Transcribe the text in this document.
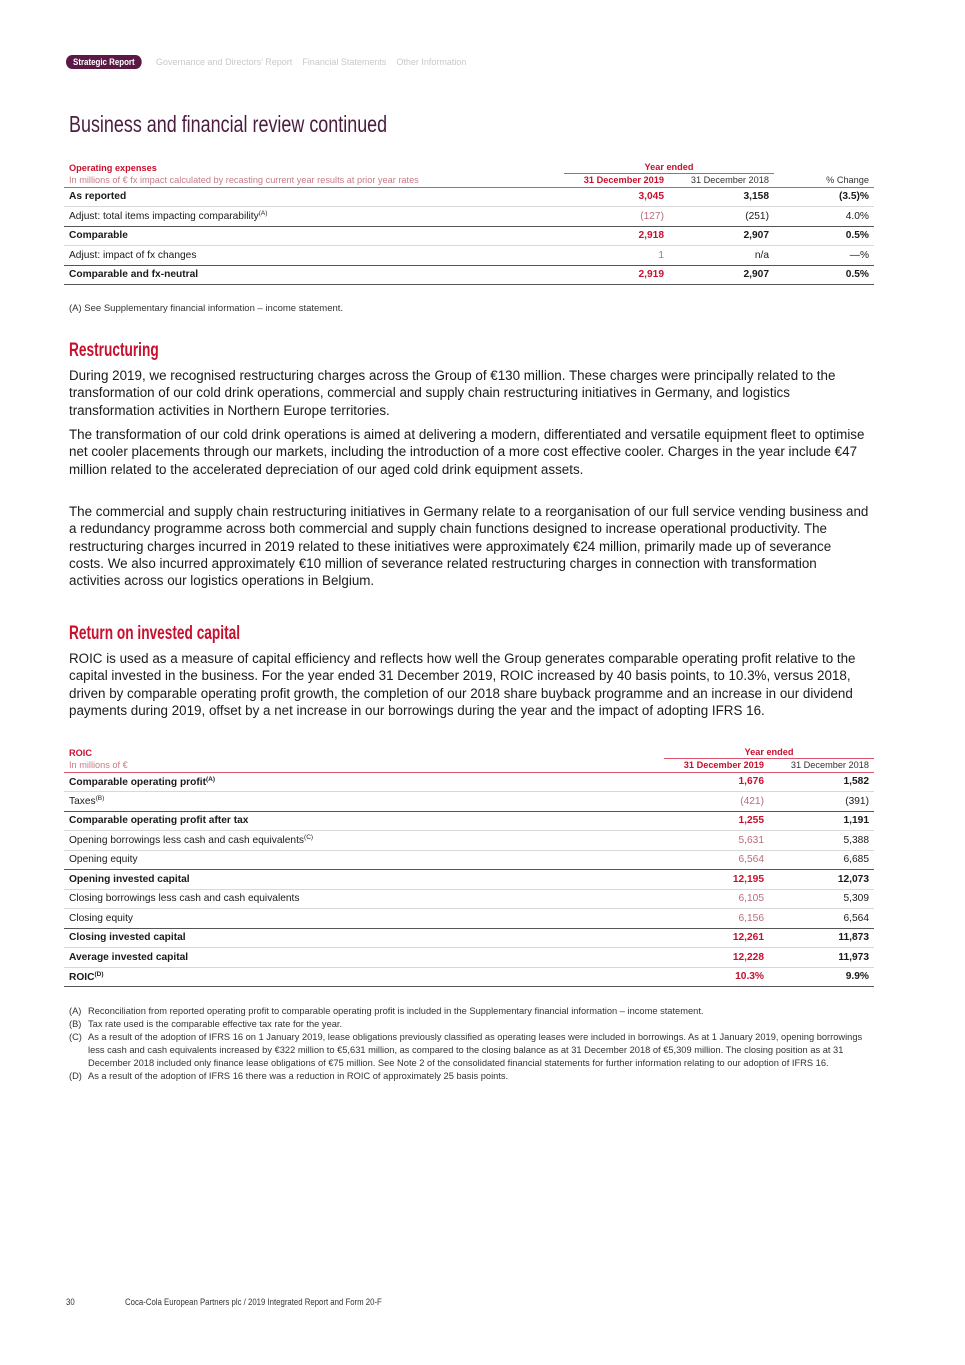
Strategic Report	Governance and Directors' Report Financial Statements Other Information
Business and financial review continued
Operating expenses	Year ended		
In millions of € fx impact calculated by recasting current year results at prior year rates	31 December 2019	31 December 2018	% Change
As reported	3,045	3,158	(3.5)%
Adjust: total items impacting comparability$^{(A)}$	(127)	(251)	4.0%
Comparable	2,918	2,907	0.5%
Adjust: impact of fx changes	1	n/a	—%
Comparable and fx-neutral	2,919	2,907	0.5%
(A) See Supplementary financial information – income statement.
Restructuring

During 2019, we recognised restructuring charges across the Group of €130 million. These charges were principally related to the transformation of our cold drink operations, commercial and supply chain restructuring initiatives in Germany, and logistics transformation activities in Northern Europe territories.

The transformation of our cold drink operations is aimed at delivering a modern, differentiated and versatile equipment fleet to optimise net cooler placements through our markets, including the introduction of a more cost effective cooler. Charges in the year include €47 million related to the accelerated depreciation of our aged cold drink equipment assets.

The commercial and supply chain restructuring initiatives in Germany relate to a reorganisation of our full service vending business and a redundancy programme across both commercial and supply chain functions designed to increase operational productivity. The restructuring charges incurred in 2019 related to these initiatives were approximately €24 million, primarily made up of severance costs. We also incurred approximately €10 million of severance related restructuring charges in connection with transformation activities across our logistics operations in Belgium.

Return on invested capital

ROIC is used as a measure of capital efficiency and reflects how well the Group generates comparable operating profit relative to the capital invested in the business. For the year ended 31 December 2019, ROIC increased by 40 basis points, to 10.3%, versus 2018, driven by comparable operating profit growth, the completion of our 2018 share buyback programme and an increase in our dividend payments during 2019, offset by a net increase in our borrowings during the year and the impact of adopting IFRS 16.

ROIC	Year ended	
In millions of €	31 December 2019	31 December 2018
Comparable operating profit$^{(A)}$	1,676	1,582
Taxes$^{(B)}$	(421)	(391)
Comparable operating profit after tax	1,255	1,191
Opening borrowings less cash and cash equivalents$^{(C)}$	5,631	5,388
Opening equity	6,564	6,685
Opening invested capital	12,195	12,073
Closing borrowings less cash and cash equivalents	6,105	5,309
Closing equity	6,156	6,564
Closing invested capital	12,261	11,873
Average invested capital	12,228	11,973
$ROIC^{(D)}$	10.3%	9.9%
(A) Reconciliation from reported operating profit to comparable operating profit is included in the Supplementary financial information – income statement.
(B) Tax rate used is the comparable effective tax rate for the year.
(C) As a result of the adoption of IFRS 16 on 1 January 2019, lease obligations previously classified as operating leases were included in borrowings. As at 1 January 2019, opening borrowings less cash and cash equivalents increased by €322 million to €5,631 million, as compared to the closing balance as at 31 December 2018 of €5,309 million. The closing position as at 31 December 2018 included only finance lease obligations of €75 million. See Note 2 of the consolidated financial statements for further information relating to our adoption of IFRS 16.
(D) As a result of the adoption of IFRS 16 there was a reduction in ROIC of approximately 25 basis points.
30	Coca-Cola European Partners plc / 2019 Integrated Report and Form 20-F
